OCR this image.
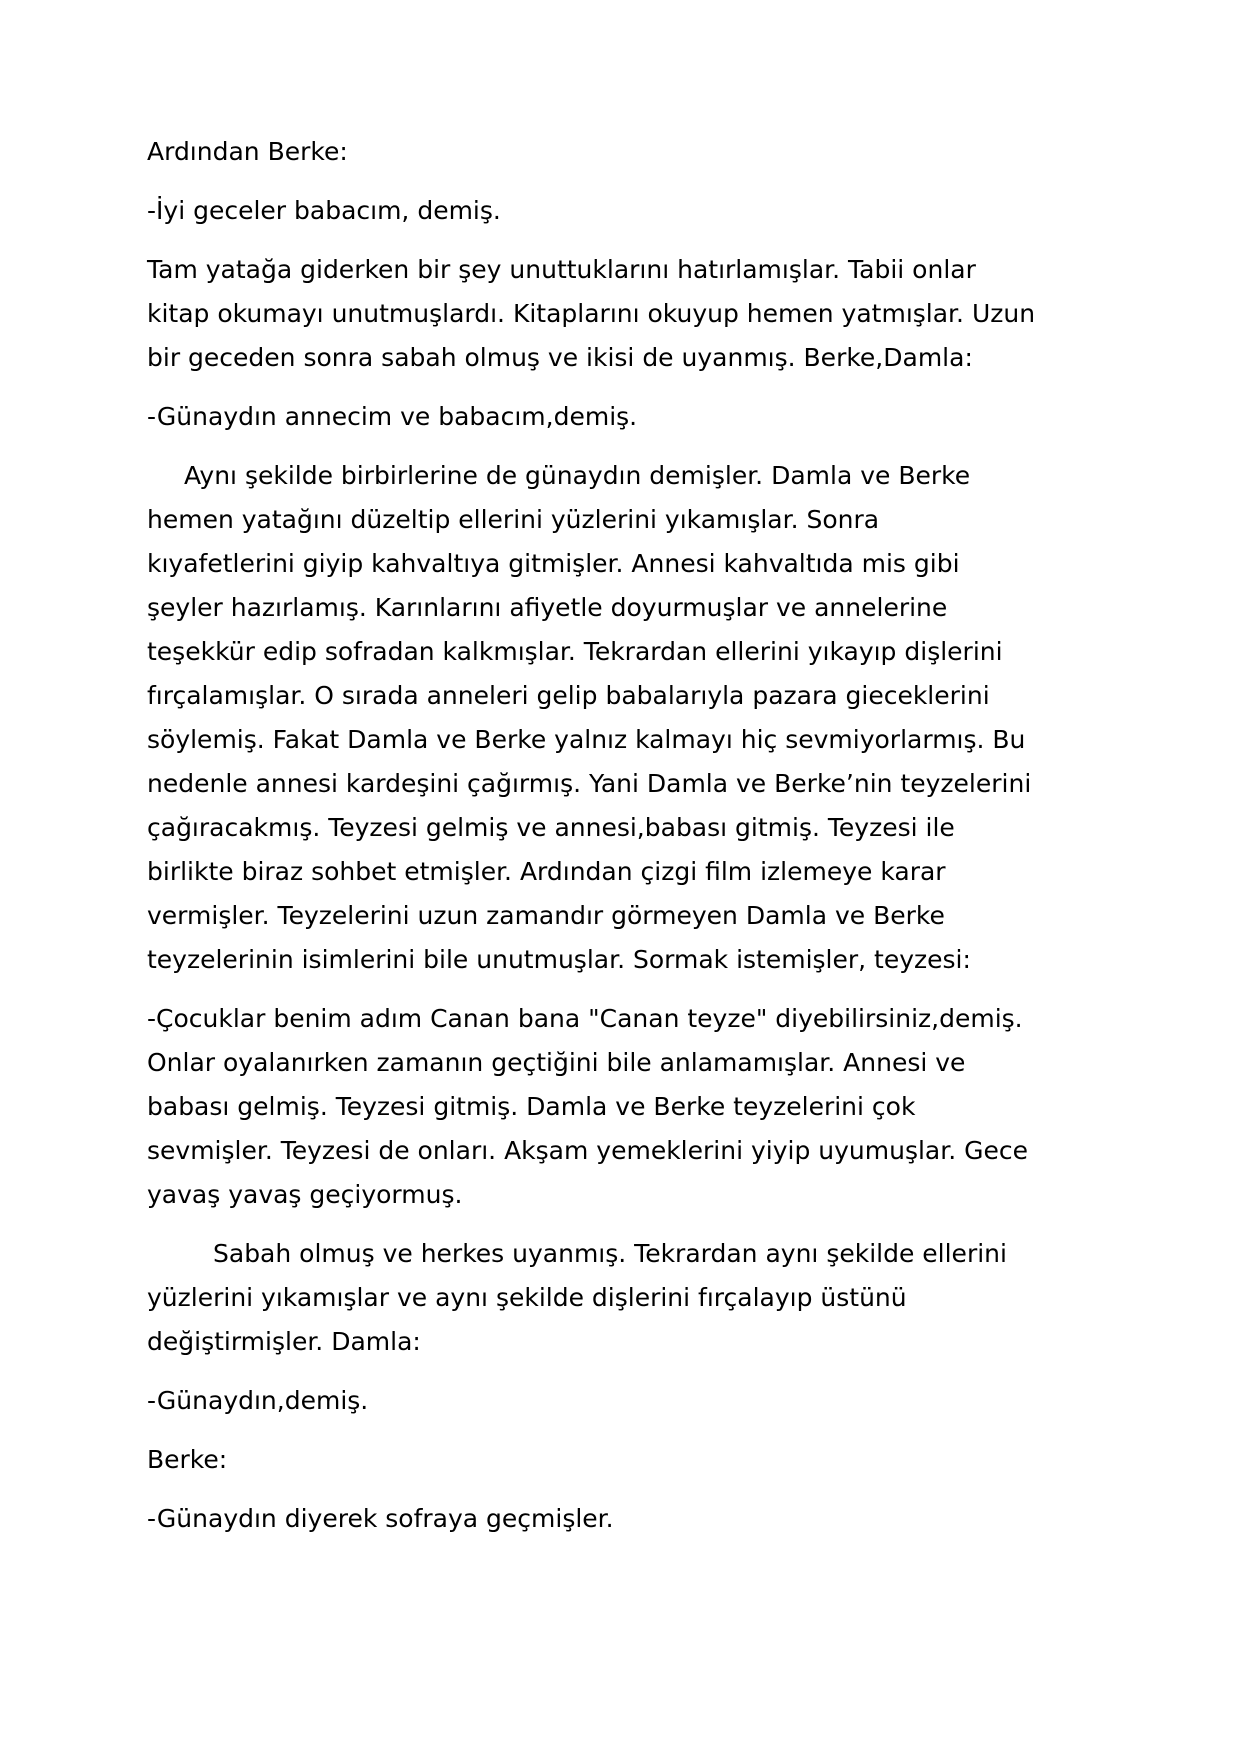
Ardından Berke:

-İyi geceler babacım, demiş.

Tam yatağa giderken bir şey unuttuklarını hatırlamışlar. Tabii onlar
kitap okumayı unutmuşlardı. Kitaplarını okuyup hemen yatmışlar. Uzun
bir geceden sonra sabah olmuş ve ikisi de uyanmış. Berke,Damla:

-Günaydın annecim ve babacım,demiş.

Aynı şekilde birbirlerine de günaydın demişler. Damla ve Berke
hemen yatağını düzeltip ellerini yüzlerini yıkamışlar. Sonra
kıyafetlerini giyip kahvaltıya gitmişler. Annesi kahvaltıda mis gibi
şeyler hazırlamış. Karınlarını afiyetle doyurmuşlar ve annelerine
teşekkür edip sofradan kalkmışlar. Tekrardan ellerini yıkayıp dişlerini
fırçalamışlar. O sırada anneleri gelip babalarıyla pazara gieceklerini
söylemiş. Fakat Damla ve Berke yalnız kalmayı hiç sevmiyorlarmış. Bu
nedenle annesi kardeşini çağırmış. Yani Damla ve Berke’nin teyzelerini
çağıracakmış. Teyzesi gelmiş ve annesi,babası gitmiş. Teyzesi ile
birlikte biraz sohbet etmişler. Ardından çizgi film izlemeye karar
vermişler. Teyzelerini uzun zamandır görmeyen Damla ve Berke
teyzelerinin isimlerini bile unutmuşlar. Sormak istemişler, teyzesi:

-Çocuklar benim adım Canan bana "Canan teyze" diyebilirsiniz,demiş.
Onlar oyalanırken zamanın geçtiğini bile anlamamışlar. Annesi ve
babası gelmiş. Teyzesi gitmiş. Damla ve Berke teyzelerini çok
sevmişler. Teyzesi de onları. Akşam yemeklerini yiyip uyumuşlar. Gece
yavaş yavaş geçiyormuş.

Sabah olmuş ve herkes uyanmış. Tekrardan aynı şekilde ellerini
yüzlerini yıkamışlar ve aynı şekilde dişlerini fırçalayıp üstünü
değiştirmişler. Damla:

-Günaydın,demiş.

Berke:

-Günaydın diyerek sofraya geçmişler.
